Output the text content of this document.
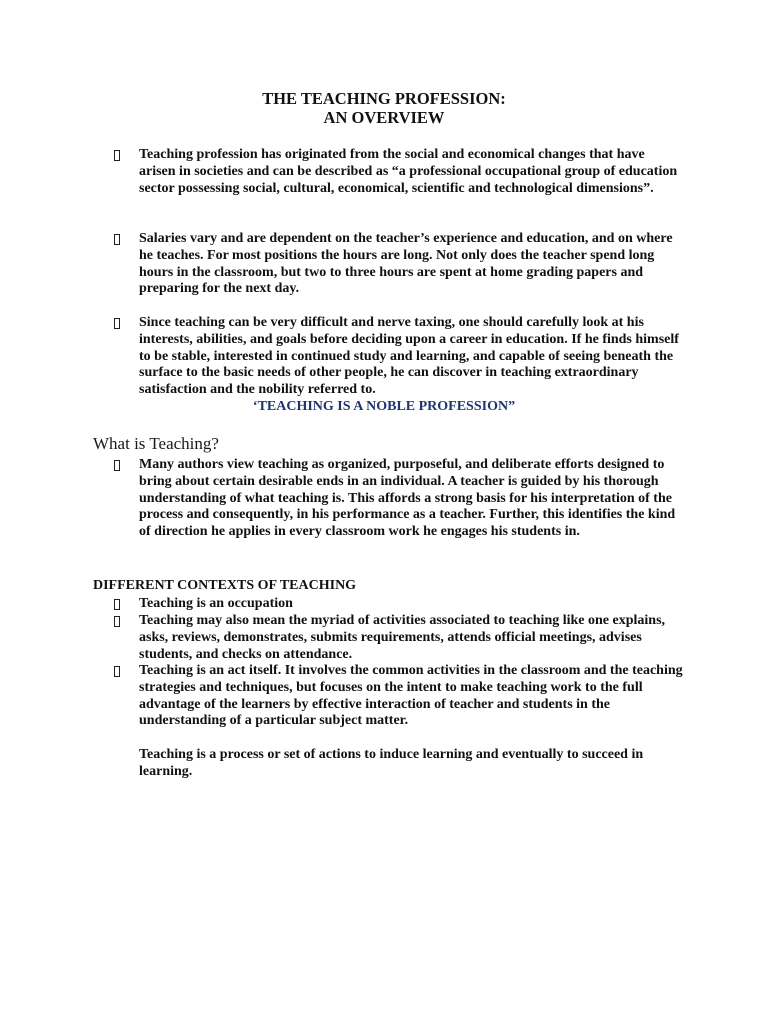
THE TEACHING PROFESSION:
AN OVERVIEW
Teaching profession has originated from the social and economical changes that have arisen in societies and can be described as “a professional occupational group of education sector possessing social, cultural, economical, scientific and technological dimensions”.
Salaries vary and are dependent on the teacher’s experience and education, and on where he teaches. For most positions the hours are long. Not only does the teacher spend long hours in the classroom, but two to three hours are spent at home grading papers and preparing for the next day.
Since teaching can be very difficult and nerve taxing, one should carefully look at his interests, abilities, and goals before deciding upon a career in education. If he finds himself to be stable, interested in continued study and learning, and capable of seeing beneath the surface to the basic needs of other people, he can discover in teaching extraordinary satisfaction and the nobility referred to.
‘TEACHING IS A NOBLE PROFESSION”
What is Teaching?
Many authors view teaching as organized, purposeful, and deliberate efforts designed to bring about certain desirable ends in an individual. A teacher is guided by his thorough understanding of what teaching is. This affords a strong basis for his interpretation of the process and consequently, in his performance as a teacher. Further, this identifies the kind of direction he applies in every classroom work he engages his students in.
DIFFERENT CONTEXTS OF TEACHING
Teaching is an occupation
Teaching may also mean the myriad of activities associated to teaching like one explains, asks, reviews, demonstrates, submits requirements, attends official meetings, advises students, and checks on attendance.
Teaching is an act itself. It involves the common activities in the classroom and the teaching strategies and techniques, but focuses on the intent to make teaching work to the full advantage of the learners by effective interaction of teacher and students in the understanding of a particular subject matter.
Teaching is a process or set of actions to induce learning and eventually to succeed in learning.
